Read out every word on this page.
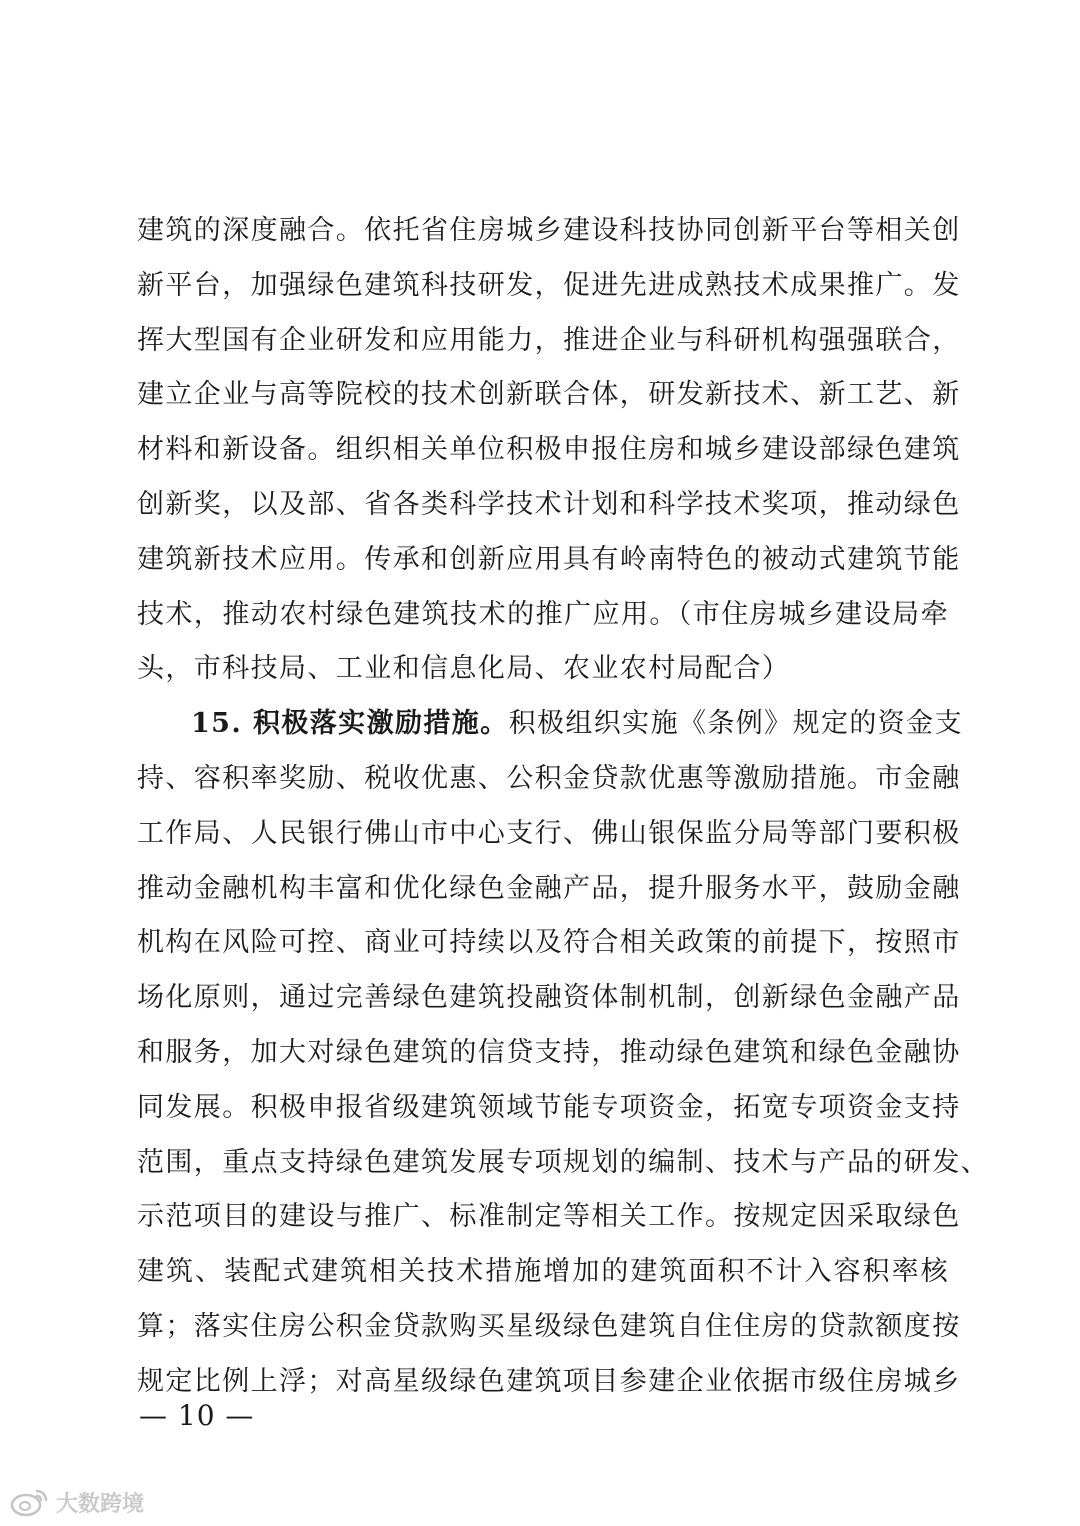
建筑的深度融合。依托省住房城乡建设科技协同创新平台等相关创
新平台，加强绿色建筑科技研发，促进先进成熟技术成果推广。发
挥大型国有企业研发和应用能力，推进企业与科研机构强强联合，
建立企业与高等院校的技术创新联合体，研发新技术、新工艺、新
材料和新设备。组织相关单位积极申报住房和城乡建设部绿色建筑
创新奖，以及部、省各类科学技术计划和科学技术奖项，推动绿色
建筑新技术应用。传承和创新应用具有岭南特色的被动式建筑节能
技术，推动农村绿色建筑技术的推广应用。（市住房城乡建设局牵
头，市科技局、工业和信息化局、农业农村局配合）
15. 积极落实激励措施。积极组织实施《条例》规定的资金支
持、容积率奖励、税收优惠、公积金贷款优惠等激励措施。市金融
工作局、人民银行佛山市中心支行、佛山银保监分局等部门要积极
推动金融机构丰富和优化绿色金融产品，提升服务水平，鼓励金融
机构在风险可控、商业可持续以及符合相关政策的前提下，按照市
场化原则，通过完善绿色建筑投融资体制机制，创新绿色金融产品
和服务，加大对绿色建筑的信贷支持，推动绿色建筑和绿色金融协
同发展。积极申报省级建筑领域节能专项资金，拓宽专项资金支持
范围，重点支持绿色建筑发展专项规划的编制、技术与产品的研发、
示范项目的建设与推广、标准制定等相关工作。按规定因采取绿色
建筑、装配式建筑相关技术措施增加的建筑面积不计入容积率核
算；落实住房公积金贷款购买星级绿色建筑自住住房的贷款额度按
规定比例上浮；对高星级绿色建筑项目参建企业依据市级住房城乡
— 10 —
大数跨境
